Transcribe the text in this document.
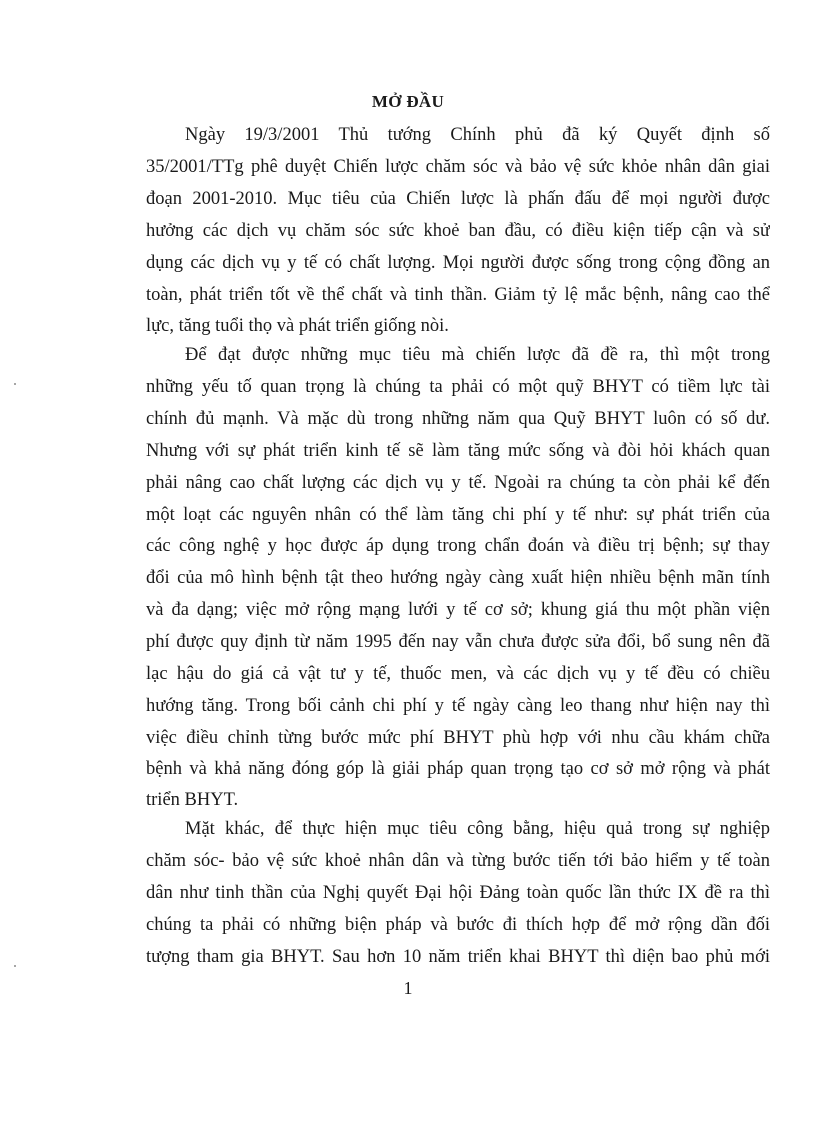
MỞ ĐẦU
Ngày 19/3/2001 Thủ tướng Chính phủ đã ký Quyết định số
35/2001/TTg phê duyệt Chiến lược chăm sóc và bảo vệ sức khỏe nhân dân giai
đoạn 2001-2010. Mục tiêu của Chiến lược là phấn đấu để mọi người được
hưởng các dịch vụ chăm sóc sức khoẻ ban đầu, có điều kiện tiếp cận và sử
dụng các dịch vụ y tế có chất lượng. Mọi người được sống trong cộng đồng an
toàn, phát triển tốt về thể chất và tinh thần. Giảm tỷ lệ mắc bệnh, nâng cao thể
lực, tăng tuổi thọ và phát triển giống nòi.
Để đạt được những mục tiêu mà chiến lược đã đề ra, thì một trong
những yếu tố quan trọng là chúng ta phải có một quỹ BHYT có tiềm lực tài
chính đủ mạnh. Và mặc dù trong những năm qua Quỹ BHYT luôn có số dư.
Nhưng với sự phát triển kinh tế sẽ làm tăng mức sống và đòi hỏi khách quan
phải nâng cao chất lượng các dịch vụ y tế. Ngoài ra chúng ta còn phải kể đến
một loạt các nguyên nhân có thể làm tăng chi phí y tế như: sự phát triển của
các công nghệ y học được áp dụng trong chẩn đoán và điều trị bệnh; sự thay
đổi của mô hình bệnh tật theo hướng ngày càng xuất hiện nhiều bệnh mãn tính
và đa dạng; việc mở rộng mạng lưới y tế cơ sở; khung giá thu một phần viện
phí được quy định từ năm 1995 đến nay vẫn chưa được sửa đổi, bổ sung nên đã
lạc hậu do giá cả vật tư y tế, thuốc men, và các dịch vụ y tế đều có chiều
hướng tăng. Trong bối cảnh chi phí y tế ngày càng leo thang như hiện nay thì
việc điều chỉnh từng bước mức phí BHYT phù hợp với nhu cầu khám chữa
bệnh và khả năng đóng góp là giải pháp quan trọng tạo cơ sở mở rộng và phát
triển BHYT.
Mặt khác, để thực hiện mục tiêu công bằng, hiệu quả trong sự nghiệp
chăm sóc- bảo vệ sức khoẻ nhân dân và từng bước tiến tới bảo hiểm y tế toàn
dân như tinh thần của Nghị quyết Đại hội Đảng toàn quốc lần thức IX đề ra thì
chúng ta phải có những biện pháp và bước đi thích hợp để mở rộng dần đối
tượng tham gia BHYT. Sau hơn 10 năm triển khai BHYT thì diện bao phủ mới
1
